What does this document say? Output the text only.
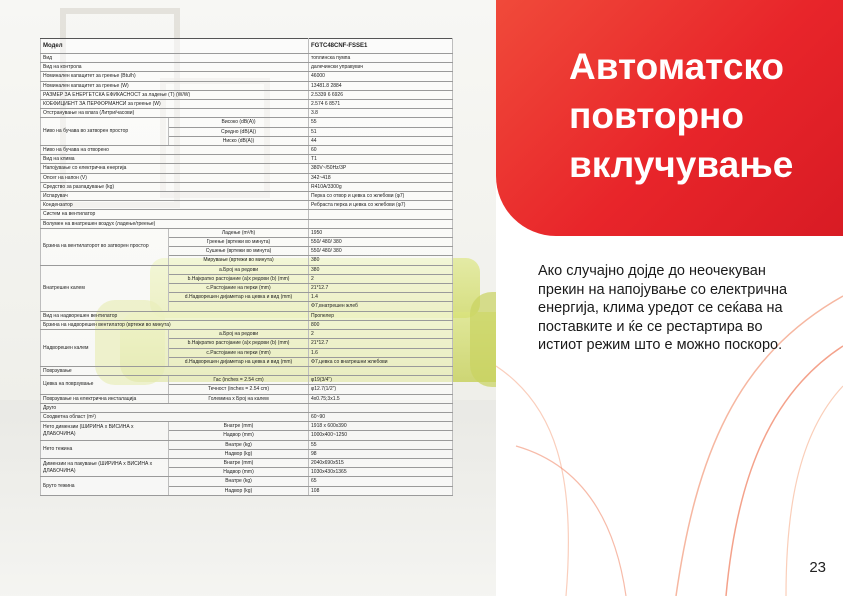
Модел		FGTC48CNF-FSSE1
Вид		топлинска пумпа
Вид на контрола		далечински управувач
Номинален капацитет за греење (Btu/h)		46000
Номинален капацитет за греење (W)		13481.8 2884
РАЗМЕР ЗА ЕНЕРГЕТСКА ЕФИКАСНОСТ за ладење (Т) (W/W)		2.5339 6 6926
КОЕФИЦИЕНТ ЗА ПЕРФОРМАНСИ за греење (W)		2.574 6 8571
Отстранување на влага (Литри/часови)		3.8
Ниво на бучава во затворен простор	Високо (dB(A))	55
	Средно (dB(A))	51
	Ниско (dB(A))	44
Ниво на бучава на отворено		60
Вид на клима		T1
Напојување со електрична енергија		380V~/50Hz/3P
Опсег на напон (V)		342~418
Средство за разладување (kg)		R410A/3300g
Испарувач		Перка со отвор и цевка со жлебови (φ7)
Кондензатор		Ребраста перка и цевка со жлебови (φ7)
Систем на вентилатор		
Волумен на внатрешен воздух (ладење/греење)		
Брзина на вентилаторот во затворен простор	Ладење (m³/h)	1950
	Греење (вртежи во минута)	550/ 480/ 380
	Сушење (вртежи во минута)	550/ 480/ 380
	Мирување (вртежи во минута)	380
Внатрешен калем	a.Број на редови	380
	b.Најкратко растојание (a)x редови (b) (mm)	2
	c.Растојание на перки (mm)	21*12.7
	d.Надворешен дијаметар на цевка и вид (mm)	1.4
		Φ7,внатрешен жлеб
Вид на надворешен вентилатор		Пропелер
Брзина на надворешен вентилатор (вртежи во минута)		800
Надворешен калем	a.Број на редови	2
	b.Најкратко растојание (a)x редови (b) (mm)	21*12.7
	c.Растојание на перки (mm)	1.6
	d.Надворешен дијаметар на цевка и вид (mm)	Φ7,цевка со внатрешни жлебови
Поврзување		
Цевка на поврзување	Гас (inches = 2.54 cm)	φ19(3/4")
	Течност (inches = 2.54 cm)	φ12.7(1/2")
Поврзување на електрична инсталација	Големина x Број на калем	4x0.75;3x1.5
Друго		
Соодветна област (m²)		60~90
Нето димензии (ШИРИНА x ВИСИНА x ДЛАБОЧИНА)	Внатре (mm)	1918 x 600x390
	Надвор (mm)	1000x400~1250
Нето тежина	Внатре (kg)	55
	Надвор (kg)	98
Димензии на пакување (ШИРИНА x ВИСИНА x ДЛАБОЧИНА)	Внатре (mm)	2040x690x515
	Надвор (mm)	1030x430x1365
Бруто тежина	Внатре (kg)	65
	Надвор (kg)	108
Автоматско
повторно
вклучување
Ако случајно дојде до неочекуван прекин на напојување со електрична енергија, клима уредот се сеќава на поставките и ќе се рестартира во истиот режим што е можно поскоро.
23
